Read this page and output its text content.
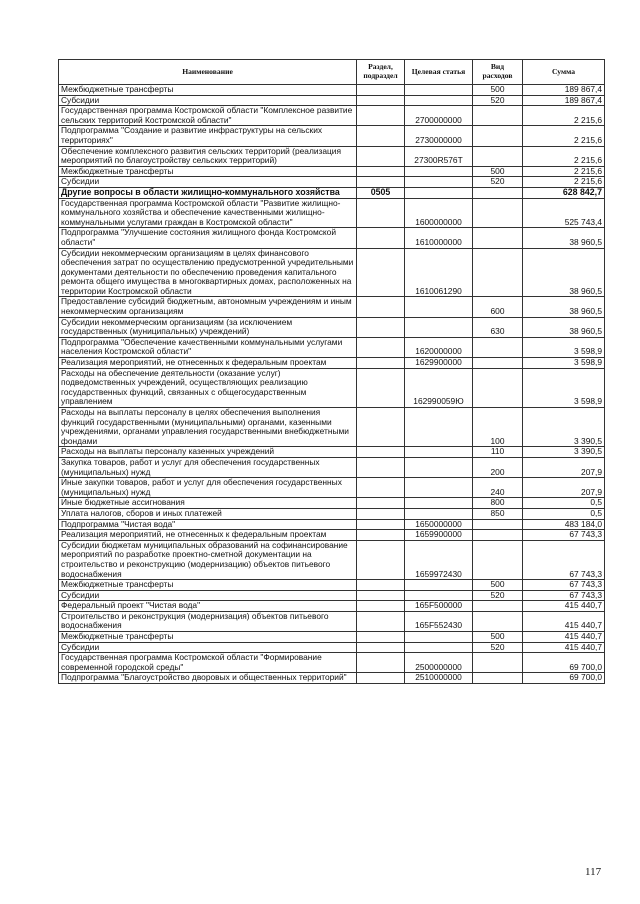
Наименование	Раздел, подраздел	Целевая статья	Вид расходов	Сумма
Межбюджетные трансферты			500	189 867,4
Субсидии			520	189 867,4
Государственная программа Костромской области "Комплексное развитие сельских территорий Костромской области"		2700000000		2 215,6
Подпрограмма "Создание и развитие инфраструктуры на сельских территориях"		2730000000		2 215,6
Обеспечение комплексного развития сельских территорий (реализация мероприятий по благоустройству сельских территорий)		27300R576T		2 215,6
Межбюджетные трансферты			500	2 215,6
Субсидии			520	2 215,6
Другие вопросы в области жилищно-коммунального хозяйства	0505			628 842,7
Государственная программа Костромской области "Развитие жилищно-коммунального хозяйства и обеспечение качественными жилищно-коммунальными услугами граждан в Костромской области"		1600000000		525 743,4
Подпрограмма "Улучшение состояния жилищного фонда Костромской области"		1610000000		38 960,5
Субсидии некоммерческим организациям в целях финансового обеспечения затрат по осуществлению предусмотренной учредительными документами деятельности по обеспечению проведения капитального ремонта общего имущества в многоквартирных домах, расположенных на территории Костромской области		1610061290		38 960,5
Предоставление субсидий бюджетным, автономным учреждениям и иным некоммерческим организациям			600	38 960,5
Субсидии некоммерческим организациям (за исключением государственных (муниципальных) учреждений)			630	38 960,5
Подпрограмма "Обеспечение качественными коммунальными услугами населения Костромской области"		1620000000		3 598,9
Реализация мероприятий, не отнесенных к федеральным проектам		1629900000		3 598,9
Расходы на обеспечение деятельности (оказание услуг) подведомственных учреждений, осуществляющих реализацию государственных функций, связанных с общегосударственным управлением		162990059Ю		3 598,9
Расходы на выплаты персоналу в целях обеспечения выполнения функций государственными (муниципальными) органами, казенными учреждениями, органами управления государственными внебюджетными фондами			100	3 390,5
Расходы на выплаты персоналу казенных учреждений			110	3 390,5
Закупка товаров, работ и услуг для обеспечения государственных (муниципальных) нужд			200	207,9
Иные закупки товаров, работ и услуг для обеспечения государственных (муниципальных) нужд			240	207,9
Иные бюджетные ассигнования			800	0,5
Уплата налогов, сборов и иных платежей			850	0,5
Подпрограмма "Чистая вода"		1650000000		483 184,0
Реализация мероприятий, не отнесенных к федеральным проектам		1659900000		67 743,3
Субсидии бюджетам муниципальных образований на софинансирование мероприятий по разработке проектно-сметной документации на строительство и реконструкцию (модернизацию) объектов питьевого водоснабжения		1659972430		67 743,3
Межбюджетные трансферты			500	67 743,3
Субсидии			520	67 743,3
Федеральный проект "Чистая вода"		165F500000		415 440,7
Строительство и реконструкция (модернизация) объектов питьевого водоснабжения		165F552430		415 440,7
Межбюджетные трансферты			500	415 440,7
Субсидии			520	415 440,7
Государственная программа Костромской области "Формирование современной городской среды"		2500000000		69 700,0
Подпрограмма "Благоустройство дворовых и общественных территорий"		2510000000		69 700,0
117
